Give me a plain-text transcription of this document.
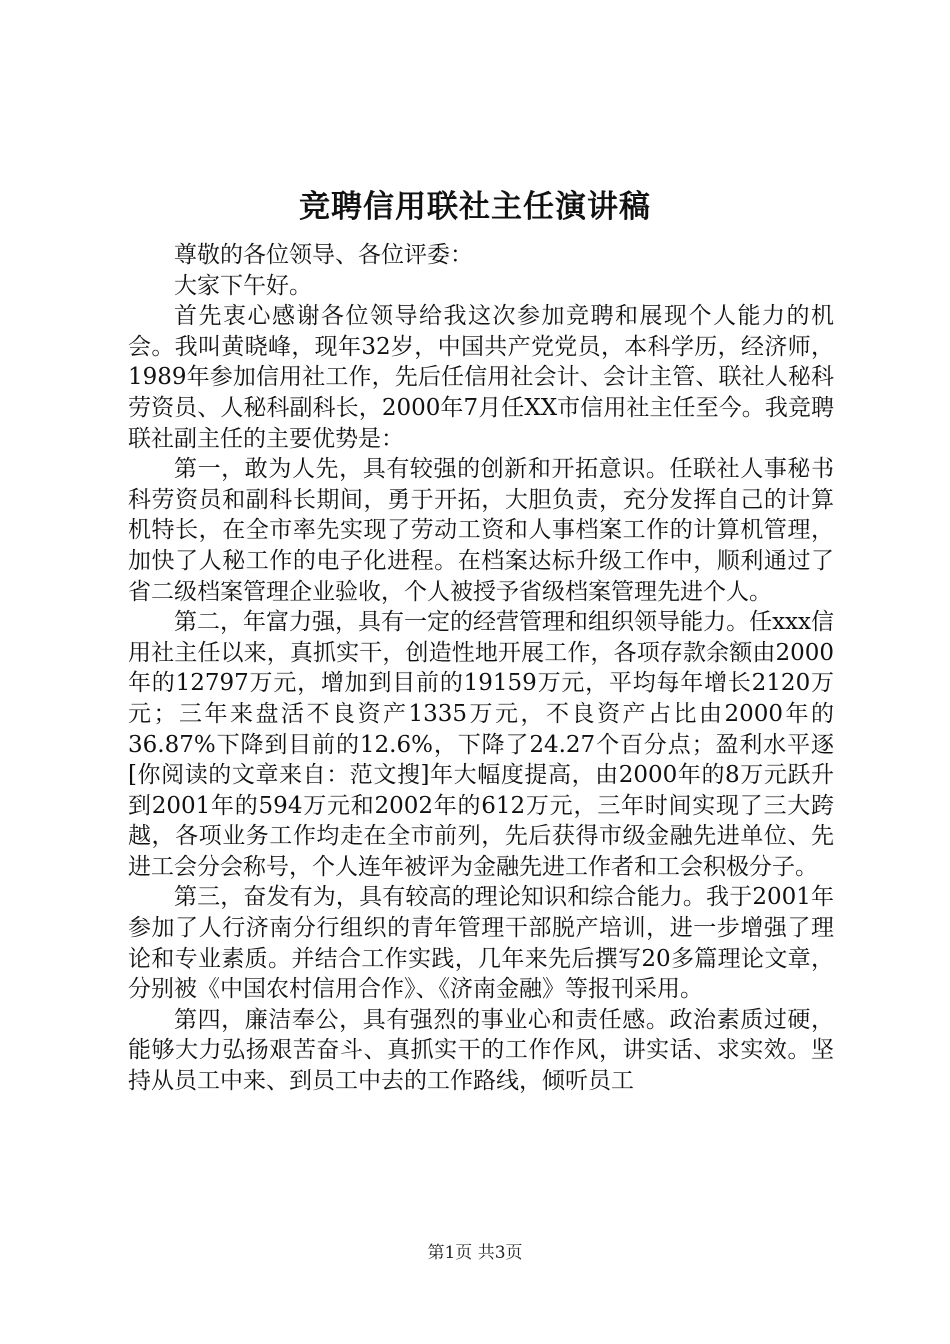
竞聘信用联社主任演讲稿

尊敬的各位领导、各位评委：

大家下午好。

首先衷心感谢各位领导给我这次参加竞聘和展现个人能力的机会。我叫黄晓峰，现年32岁，中国共产党党员，本科学历，经济师，1989年参加信用社工作，先后任信用社会计、会计主管、联社人秘科劳资员、人秘科副科长，2000年7月任XX市信用社主任至今。我竞聘联社副主任的主要优势是：

第一，敢为人先，具有较强的创新和开拓意识。任联社人事秘书科劳资员和副科长期间，勇于开拓，大胆负责，充分发挥自己的计算机特长，在全市率先实现了劳动工资和人事档案工作的计算机管理，加快了人秘工作的电子化进程。在档案达标升级工作中，顺利通过了省二级档案管理企业验收，个人被授予省级档案管理先进个人。

第二，年富力强，具有一定的经营管理和组织领导能力。任xxx信用社主任以来，真抓实干，创造性地开展工作，各项存款余额由2000年的12797万元，增加到目前的19159万元，平均每年增长2120万元；三年来盘活不良资产1335万元，不良资产占比由2000年的36.87%下降到目前的12.6%，下降了24.27个百分点；盈利水平逐[你阅读的文章来自：范文搜]年大幅度提高，由2000年的8万元跃升到2001年的594万元和2002年的612万元，三年时间实现了三大跨越，各项业务工作均走在全市前列，先后获得市级金融先进单位、先进工会分会称号，个人连年被评为金融先进工作者和工会积极分子。

第三，奋发有为，具有较高的理论知识和综合能力。我于2001年参加了人行济南分行组织的青年管理干部脱产培训，进一步增强了理论和专业素质。并结合工作实践，几年来先后撰写20多篇理论文章，分别被《中国农村信用合作》、《济南金融》等报刊采用。

第四，廉洁奉公，具有强烈的事业心和责任感。政治素质过硬，能够大力弘扬艰苦奋斗、真抓实干的工作作风，讲实话、求实效。坚持从员工中来、到员工中去的工作路线，倾听员工

第1页 共3页
